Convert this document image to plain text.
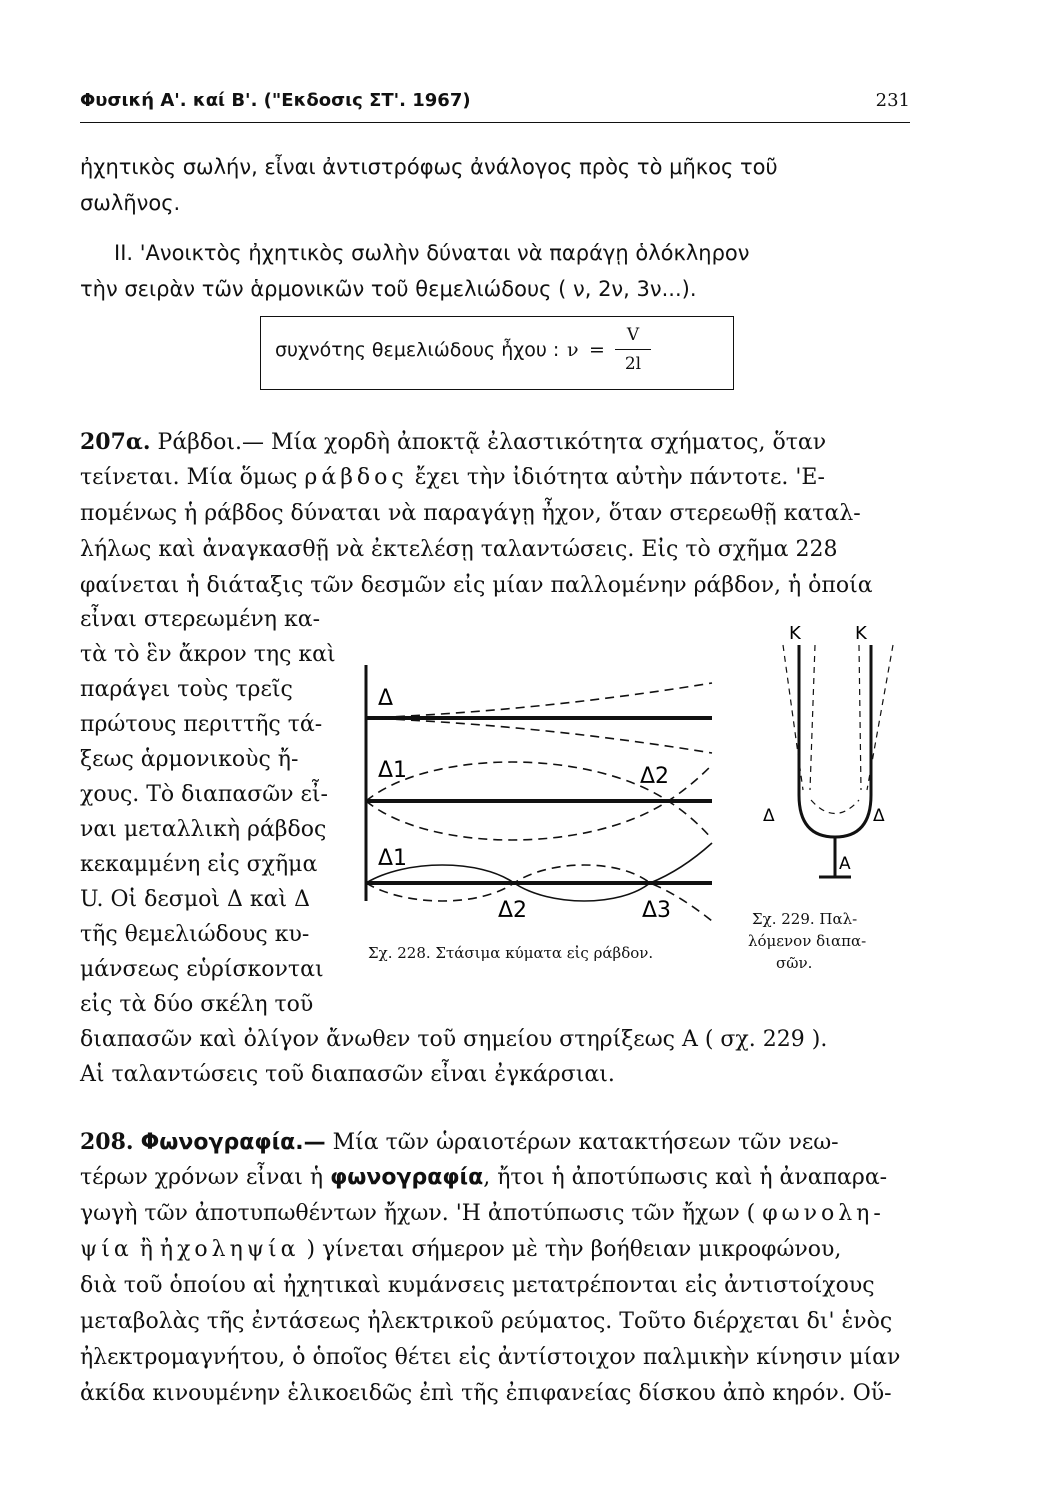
Φυσική Α'. καί Β'. ("Εκδοσις ΣΤ'. 1967)	231
ἠχητικὸς σωλήν, εἶναι ἀντιστρόφως ἀνάλογος πρὸς τὸ μῆκος τοῦ
σωλῆνος.
II. 'Ανοικτὸς ἠχητικὸς σωλὴν δύναται νὰ παράγῃ ὁλόκληρον
τὴν σειρὰν τῶν ἁρμονικῶν τοῦ θεμελιώδους ( ν, 2ν, 3ν...).
συχνότης θεμελιώδους ἦχου : $\nu = \frac{V}{2l}$
207α. Ράβδοι.— Μία χορδὴ ἀποκτᾷ ἐλαστικότητα σχήματος, ὅταν
τείνεται. Μία ὅμως ράβδος ἔχει τὴν ἰδιότητα αὐτὴν πάντοτε. 'Ε-
πομένως ἡ ράβδος δύναται νὰ παραγάγῃ ἦχον, ὅταν στερεωθῇ καταλ-
λήλως καὶ ἀναγκασθῇ νὰ ἐκτελέσῃ ταλαντώσεις. Εἰς τὸ σχῆμα 228
φαίνεται ἡ διάταξις τῶν δεσμῶν εἰς μίαν παλλομένην ράβδον, ἡ ὁποία
εἶναι στερεωμένη κα-
τὰ τὸ ἓν ἄκρον της καὶ
παράγει τοὺς τρεῖς
πρώτους περιττῆς τά-
ξεως ἁρμονικοὺς ἤ-
χους. Τὸ διαπασῶν εἶ-
ναι μεταλλικὴ ράβδος
κεκαμμένη εἰς σχῆμα
U. Οἱ δεσμοὶ Δ καὶ Δ
τῆς θεμελιώδους κυ-
μάνσεως εὑρίσκονται
εἰς τὰ δύο σκέλη τοῦ
Δ
Δ1	Δ2
Δ1
Δ2	Δ3
Σχ. 228. Στάσιμα κύματα εἰς ράβδον.
Κ	Κ
Δ	Δ
Α
Σχ. 229. Παλ-
λόμενον διαπα-
σῶν.
διαπασῶν καὶ ὀλίγον ἄνωθεν τοῦ σημείου στηρίξεως Α ( σχ. 229 ).
Αἱ ταλαντώσεις τοῦ διαπασῶν εἶναι ἐγκάρσιαι.
208. Φωνογραφία.— Μία τῶν ὡραιοτέρων κατακτήσεων τῶν νεω-
τέρων χρόνων εἶναι ἡ φωνογραφία, ἤτοι ἡ ἀποτύπωσις καὶ ἡ ἀναπαρα-
γωγὴ τῶν ἀποτυπωθέντων ἤχων. 'Η ἀποτύπωσις τῶν ἤχων ( φωνολη-
ψία ἢ ἠχοληψία ) γίνεται σήμερον μὲ τὴν βοήθειαν μικροφώνου,
διὰ τοῦ ὁποίου αἱ ἠχητικαὶ κυμάνσεις μετατρέπονται εἰς ἀντιστοίχους
μεταβολὰς τῆς ἐντάσεως ἠλεκτρικοῦ ρεύματος. Τοῦτο διέρχεται δι' ἑνὸς
ἠλεκτρομαγνήτου, ὁ ὁποῖος θέτει εἰς ἀντίστοιχον παλμικὴν κίνησιν μίαν
ἀκίδα κινουμένην ἑλικοειδῶς ἐπὶ τῆς ἐπιφανείας δίσκου ἀπὸ κηρόν. Οὕ-
